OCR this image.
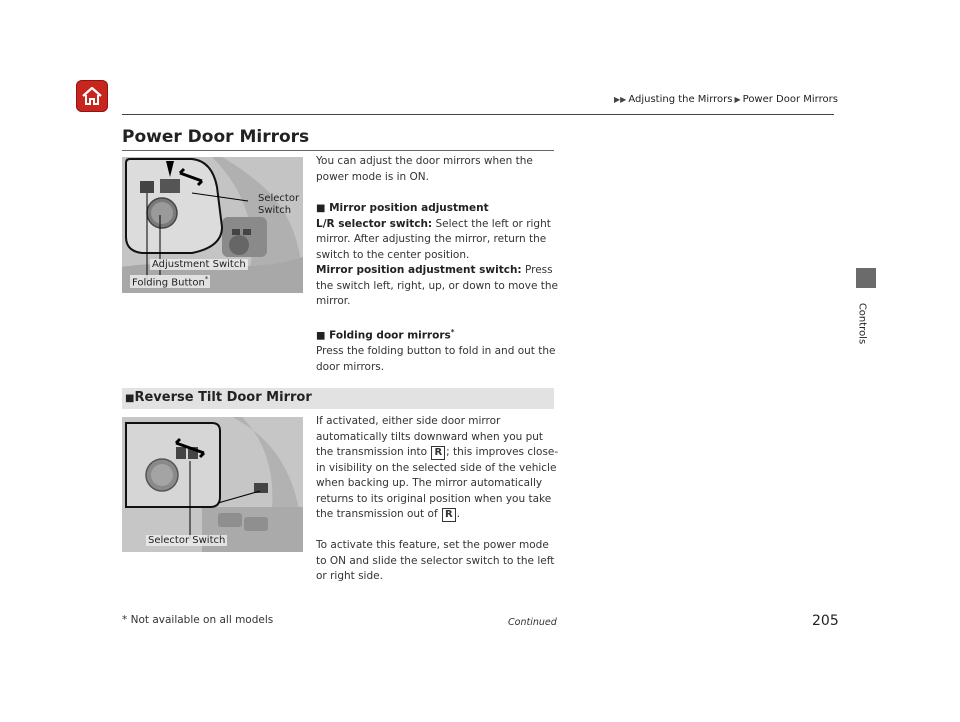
▶▶ Adjusting the Mirrors ▶ Power Door Mirrors
Power Door Mirrors
Controls
Selector
Switch
Adjustment Switch
Folding Button*
You can adjust the door mirrors when the
power mode is in ON.
■ Mirror position adjustment
L/R selector switch: Select the left or right
mirror. After adjusting the mirror, return the
switch to the center position.
Mirror position adjustment switch: Press
the switch left, right, up, or down to move the
mirror.
■ Folding door mirrors*
Press the folding button to fold in and out the
door mirrors.
■Reverse Tilt Door Mirror
Selector Switch
If activated, either side door mirror
automatically tilts downward when you put
the transmission into R ; this improves close-
in visibility on the selected side of the vehicle
when backing up. The mirror automatically
returns to its original position when you take
the transmission out of R .
To activate this feature, set the power mode
to ON and slide the selector switch to the left
or right side.
* Not available on all models	Continued	205
